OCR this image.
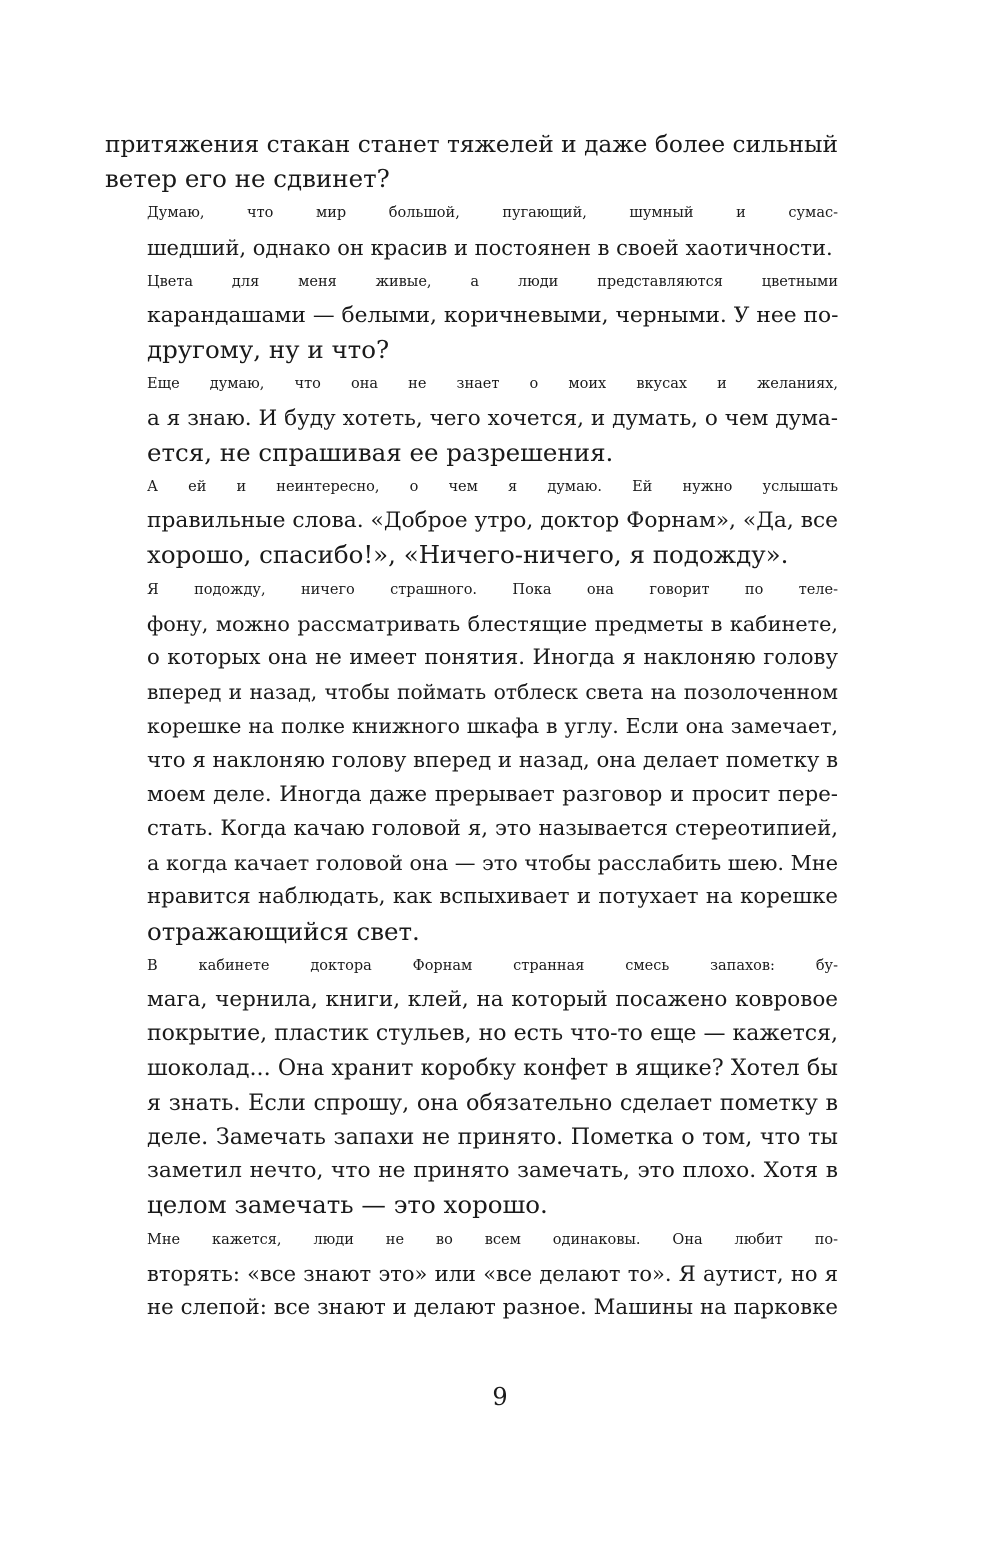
притяжения стакан станет тяжелей и даже более сильный
ветер его не сдвинет?

Думаю, что мир большой, пугающий, шумный и сумас-
шедший, однако он красив и постоянен в своей хаотичности.

Цвета для меня живые, а люди представляются цветными
карандашами — белыми, коричневыми, черными. У нее по-
другому, ну и что?

Еще думаю, что она не знает о моих вкусах и желаниях,
а я знаю. И буду хотеть, чего хочется, и думать, о чем дума-
ется, не спрашивая ее разрешения.

А ей и неинтересно, о чем я думаю. Ей нужно услышать
правильные слова. «Доброе утро, доктор Форнам», «Да, все
хорошо, спасибо!», «Ничего-ничего, я подожду».

Я подожду, ничего страшного. Пока она говорит по теле-
фону, можно рассматривать блестящие предметы в кабинете,
о которых она не имеет понятия. Иногда я наклоняю голову
вперед и назад, чтобы поймать отблеск света на позолоченном
корешке на полке книжного шкафа в углу. Если она замечает,
что я наклоняю голову вперед и назад, она делает пометку в
моем деле. Иногда даже прерывает разговор и просит пере-
стать. Когда качаю головой я, это называется стереотипией,
а когда качает головой она — это чтобы расслабить шею. Мне
нравится наблюдать, как вспыхивает и потухает на корешке
отражающийся свет.

В кабинете доктора Форнам странная смесь запахов: бу-
мага, чернила, книги, клей, на который посажено ковровое
покрытие, пластик стульев, но есть что-то еще — кажется,
шоколад... Она хранит коробку конфет в ящике? Хотел бы
я знать. Если спрошу, она обязательно сделает пометку в
деле. Замечать запахи не принято. Пометка о том, что ты
заметил нечто, что не принято замечать, это плохо. Хотя в
целом замечать — это хорошо.

Мне кажется, люди не во всем одинаковы. Она любит по-
вторять: «все знают это» или «все делают то». Я аутист, но я
не слепой: все знают и делают разное. Машины на парковке

9
